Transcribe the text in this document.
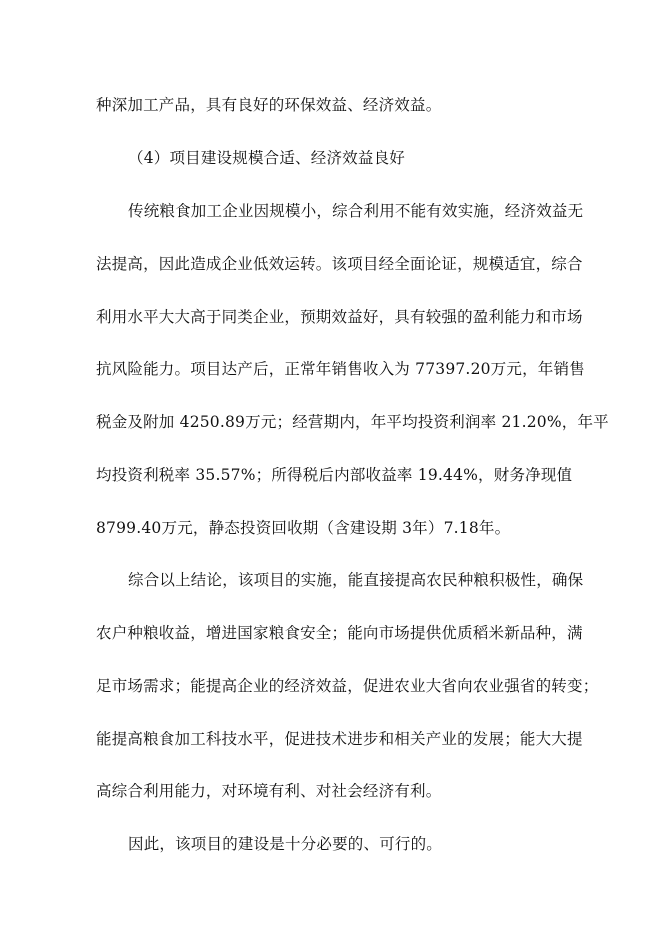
种深加工产品，具有良好的环保效益、经济效益。
（4）项目建设规模合适、经济效益良好
传统粮食加工企业因规模小，综合利用不能有效实施，经济效益无
法提高，因此造成企业低效运转。该项目经全面论证，规模适宜，综合
利用水平大大高于同类企业，预期效益好，具有较强的盈利能力和市场
抗风险能力。项目达产后，正常年销售收入为 77397.20万元，年销售
税金及附加 4250.89万元；经营期内，年平均投资利润率 21.20%，年平
均投资利税率 35.57%；所得税后内部收益率 19.44%，财务净现值
8799.40万元，静态投资回收期（含建设期 3年）7.18年。
综合以上结论，该项目的实施，能直接提高农民种粮积极性，确保
农户种粮收益，增进国家粮食安全；能向市场提供优质稻米新品种，满
足市场需求；能提高企业的经济效益，促进农业大省向农业强省的转变；
能提高粮食加工科技水平，促进技术进步和相关产业的发展；能大大提
高综合利用能力，对环境有利、对社会经济有利。
因此，该项目的建设是十分必要的、可行的。
